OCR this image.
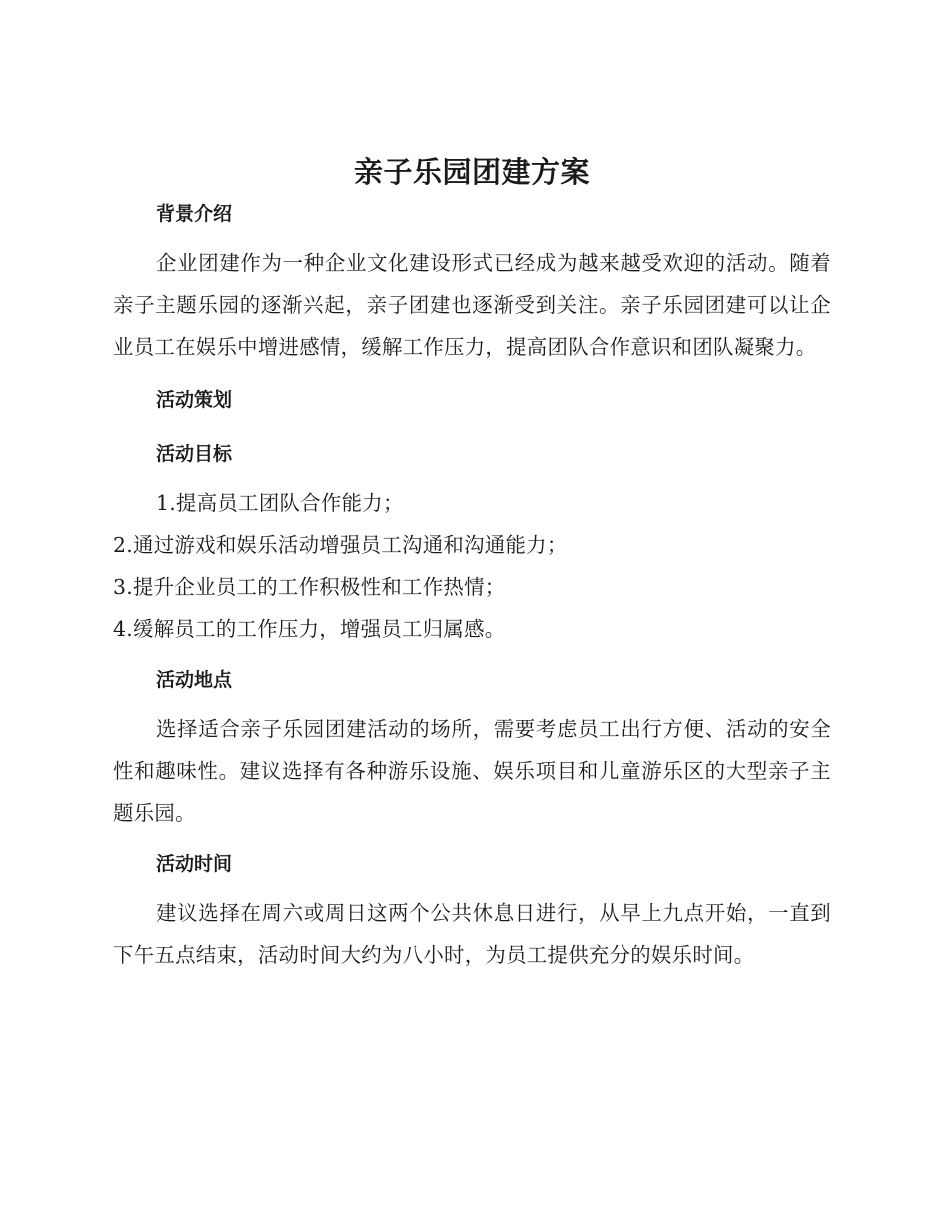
亲子乐园团建方案
背景介绍

企业团建作为一种企业文化建设形式已经成为越来越受欢迎的活动。随着亲子主题乐园的逐渐兴起，亲子团建也逐渐受到关注。亲子乐园团建可以让企业员工在娱乐中增进感情，缓解工作压力，提高团队合作意识和团队凝聚力。

活动策划
活动目标

1.提高员工团队合作能力；

2.通过游戏和娱乐活动增强员工沟通和沟通能力；

3.提升企业员工的工作积极性和工作热情；

4.缓解员工的工作压力，增强员工归属感。

活动地点

选择适合亲子乐园团建活动的场所，需要考虑员工出行方便、活动的安全性和趣味性。建议选择有各种游乐设施、娱乐项目和儿童游乐区的大型亲子主题乐园。

活动时间

建议选择在周六或周日这两个公共休息日进行，从早上九点开始，一直到下午五点结束，活动时间大约为八小时，为员工提供充分的娱乐时间。
